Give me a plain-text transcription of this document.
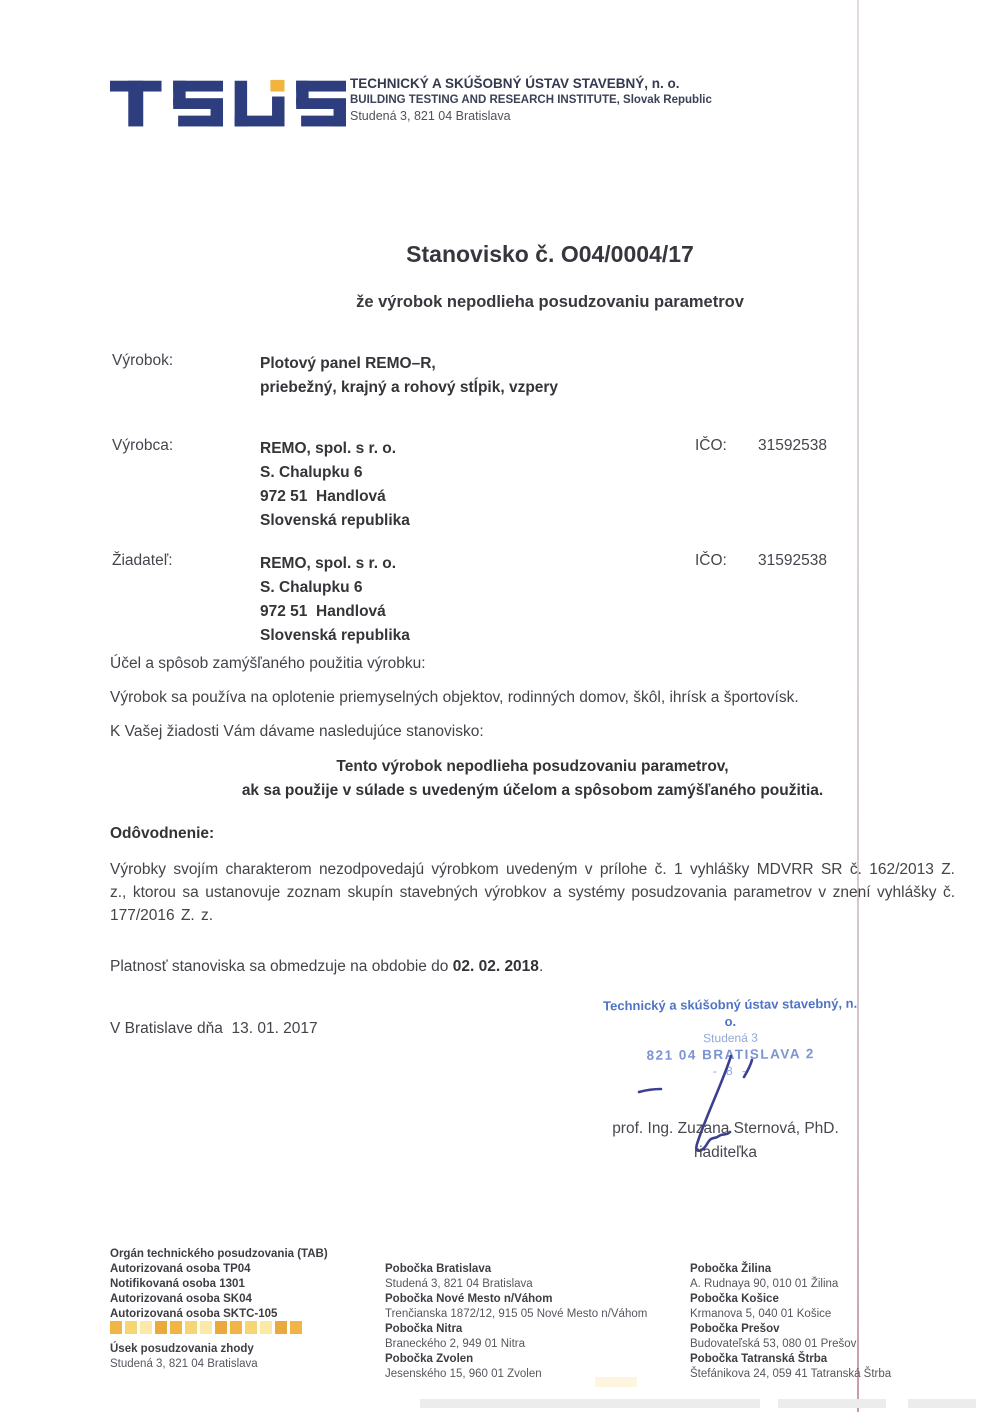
TECHNICKÝ A SKÚŠOBNÝ ÚSTAV STAVEBNÝ, n. o.
BUILDING TESTING AND RESEARCH INSTITUTE, Slovak Republic
Studená 3, 821 04 Bratislava
Stanovisko č. O04/0004/17
že výrobok nepodlieha posudzovaniu parametrov
Výrobok:	Plotový panel REMO–R,
priebežný, krajný a rohový stĺpik, vzpery
Výrobca:	REMO, spol. s r. o.
S. Chalupku 6
972 51  Handlová
Slovenská republika
IČO: 31592538
Žiadateľ:	REMO, spol. s r. o.
S. Chalupku 6
972 51  Handlová
Slovenská republika
IČO: 31592538
Účel a spôsob zamýšľaného použitia výrobku:
Výrobok sa používa na oplotenie priemyselných objektov, rodinných domov, škôl, ihrísk a športovísk.
K Vašej žiadosti Vám dávame nasledujúce stanovisko:
Tento výrobok nepodlieha posudzovaniu parametrov,
ak sa použije v súlade s uvedeným účelom a spôsobom zamýšľaného použitia.
Odôvodnenie:
Výrobky svojím charakterom nezodpovedajú výrobkom uvedeným v prílohe č. 1 vyhlášky MDVRR SR č. 162/2013 Z. z., ktorou sa ustanovuje zoznam skupín stavebných výrobkov a systémy posudzovania parametrov v znení vyhlášky č. 177/2016 Z. z.
Platnosť stanoviska sa obmedzuje na obdobie do 02. 02. 2018.
Technický a skúšobný ústav stavebný, n. o.
Studená 3
821 04 BRATISLAVA 2
- 8 -
V Bratislave dňa  13. 01. 2017
prof. Ing. Zuzana Sternová, PhD.
riaditeľka
Orgán technického posudzovania (TAB)
Autorizovaná osoba TP04
Notifikovaná osoba 1301
Autorizovaná osoba SK04
Autorizovaná osoba SKTC-105
Úsek posudzovania zhody
Studená 3, 821 04 Bratislava
Pobočka Bratislava
Studená 3, 821 04 Bratislava
Pobočka Nové Mesto n/Váhom
Trenčianska 1872/12, 915 05 Nové Mesto n/Váhom
Pobočka Nitra
Braneckého 2, 949 01 Nitra
Pobočka Zvolen
Jesenského 15, 960 01 Zvolen
Pobočka Žilina
A. Rudnaya 90, 010 01 Žilina
Pobočka Košice
Krmanova 5, 040 01 Košice
Pobočka Prešov
Budovateľská 53, 080 01 Prešov
Pobočka Tatranská Štrba
Štefánikova 24, 059 41 Tatranská Štrba
